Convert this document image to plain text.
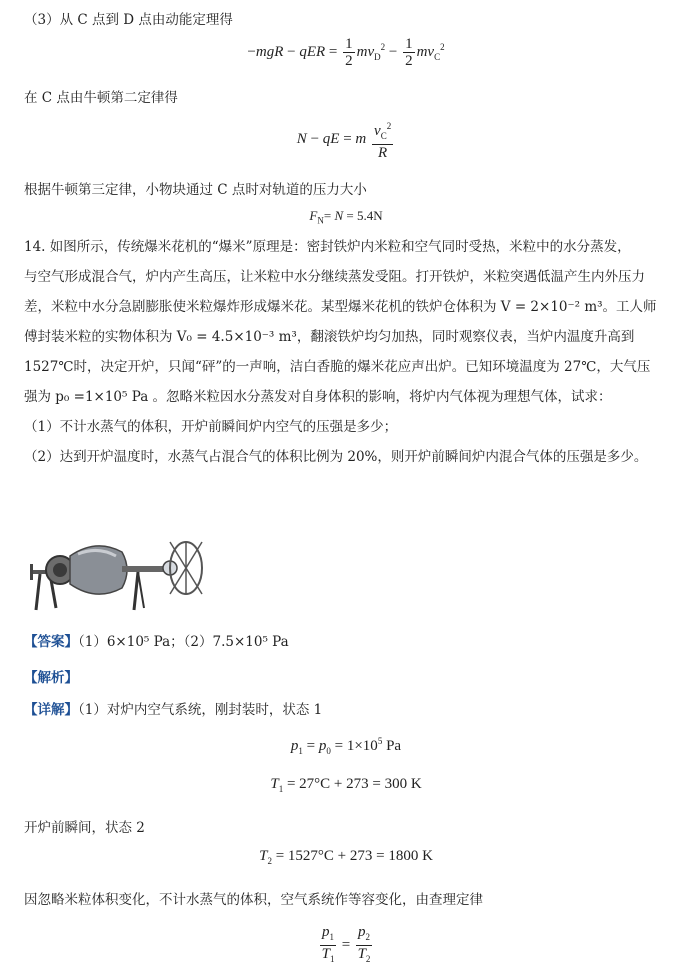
（3）从 C 点到 D 点由动能定理得
−mgR − qER = $\frac{1}{2} mv_D^2 - \frac{1}{2} mv_C^2$
在 C 点由牛顿第二定律得
N − qE = m $\frac{v_C^2}{R}$
根据牛顿第三定律，小物块通过 C 点时对轨道的压力大小
$F_N= N = 5.4N$
14. 如图所示，传统爆米花机的“爆米”原理是：密封铁炉内米粒和空气同时受热，米粒中的水分蒸发，
与空气形成混合气，炉内产生高压，让米粒中水分继续蒸发受阻。打开铁炉，米粒突遇低温产生内外压力
差，米粒中水分急剧膨胀使米粒爆炸形成爆米花。某型爆米花机的铁炉仓体积为 V = 2×10⁻² m³。工人师
傅封装米粒的实物体积为 V₀ = 4.5×10⁻³ m³，翻滚铁炉均匀加热，同时观察仪表，当炉内温度升高到
1527℃时，决定开炉，只闻“砰”的一声响，洁白香脆的爆米花应声出炉。已知环境温度为 27℃，大气压
强为 p₀ =1×10⁵ Pa 。忽略米粒因水分蒸发对自身体积的影响，将炉内气体视为理想气体，试求：
（1）不计水蒸气的体积，开炉前瞬间炉内空气的压强是多少；
（2）达到开炉温度时，水蒸气占混合气的体积比例为 20%，则开炉前瞬间炉内混合气体的压强是多少。
【答案】（1）6×10⁵ Pa；（2）7.5×10⁵ Pa
【解析】
【详解】（1）对炉内空气系统，刚封装时，状态 1
$p_1 = p_0 = 1\times 10^5$ Pa
$T_1 = 27^\circ C + 273 = 300$ K
开炉前瞬间，状态 2
$T_2 = 1527^\circ C + 273 = 1800$ K
因忽略米粒体积变化，不计水蒸气的体积，空气系统作等容变化，由查理定律
$\frac{p_1}{T_1} = \frac{p_2}{T_2}$
